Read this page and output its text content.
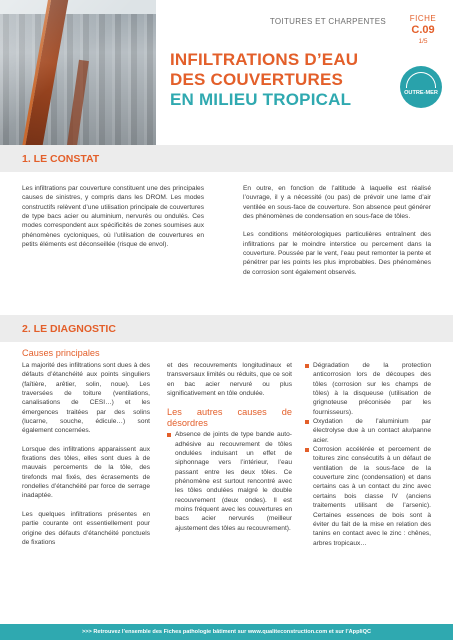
TOITURES ET CHARPENTES	FICHE
C.09
1/5
INFILTRATIONS D’EAU
DES COUVERTURES
EN MILIEU TROPICAL	OUTRE-MER
1. LE CONSTAT

Les infiltrations par couverture constituent une des principales causes de sinistres, y compris dans les DROM. Les modes constructifs relèvent d’une utilisation principale de couvertures de type bacs acier ou aluminium, nervurés ou ondulés. Ces modes correspondent aux spécificités de zones soumises aux phénomènes cycloniques, où l’utilisation de couvertures en petits éléments est déconseillée (risque de envol).

En outre, en fonction de l’altitude à laquelle est réalisé l’ouvrage, il y a nécessité (ou pas) de prévoir une lame d’air ventilée en sous-face de couverture. Son absence peut générer des phénomènes de condensation en sous-face de tôles.

Les conditions météorologiques particulières entraînent des infiltrations par le moindre interstice ou percement dans la couverture. Poussée par le vent, l’eau peut remonter la pente et pénétrer par les points les plus improbables. Des phénomènes de corrosion sont également observés.

2. LE DIAGNOSTIC
Causes principales

La majorité des infiltrations sont dues à des défauts d’étanchéité aux points singuliers (faîtière, arêtier, solin, noue). Les traversées de toiture (ventilations, canalisations de CESI…) et les émergences traitées par des solins (lucarne, souche, édicule…) sont également concernées.

Lorsque des infiltrations apparaissent aux fixations des tôles, elles sont dues à de mauvais percements de la tôle, des tirefonds mal fixés, des écrasements de rondelles d’étanchéité par force de serrage inadaptée.

Les quelques infiltrations présentes en partie courante ont essentiellement pour origine des défauts d’étanchéité ponctuels de fixations

et des recouvrements longitudinaux et transversaux limités ou réduits, que ce soit en bac acier nervuré ou plus significativement en tôle ondulée.

Les autres causes de désordres
Absence de joints de type bande auto-adhésive au recouvrement de tôles ondulées induisant un effet de siphonnage vers l’intérieur, l’eau passant entre les deux tôles. Ce phénomène est surtout rencontré avec les tôles ondulées malgré le double recouvrement (deux ondes). Il est moins fréquent avec les couvertures en bacs acier nervurés (meilleur ajustement des tôles au recouvrement).
Dégradation de la protection anticorrosion lors de découpes des tôles (corrosion sur les champs de tôles) à la disqueuse (utilisation de grignoteuse préconisée par les fournisseurs).
Oxydation de l’aluminium par électrolyse due à un contact alu/panne acier.
Corrosion accélérée et percement de toitures zinc consécutifs à un défaut de ventilation de la sous-face de la couverture zinc (condensation) et dans certains cas à un contact du zinc avec certains bois classe IV (anciens traitements utilisant de l’arsenic). Certaines essences de bois sont à éviter du fait de la mise en relation des tanins en contact avec le zinc : chênes, arbres tropicaux…
>>> Retrouvez l’ensemble des Fiches pathologie bâtiment sur www.qualiteconstruction.com et sur l’AppliQC
